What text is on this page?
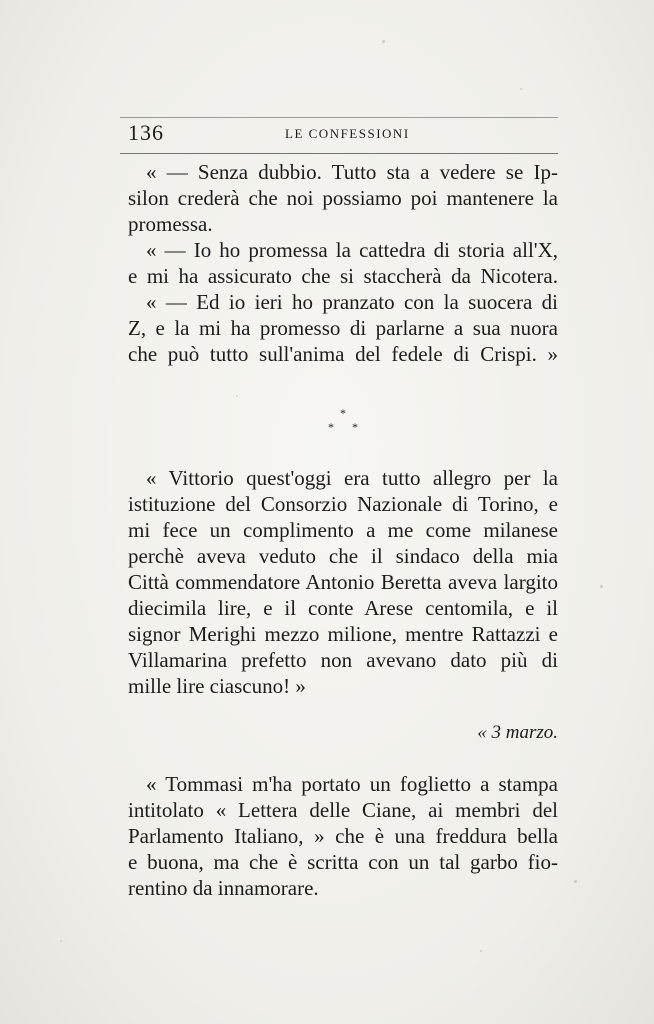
136	LE CONFESSIONI
« — Senza dubbio. Tutto sta a vedere se Ip-
silon crederà che noi possiamo poi mantenere la
promessa.
« — Io ho promessa la cattedra di storia all'X,
e mi ha assicurato che si staccherà da Nicotera.
« — Ed io ieri ho pranzato con la suocera di
Z, e la mi ha promesso di parlarne a sua nuora
che può tutto sull'anima del fedele di Crispi. »
*
* *
« Vittorio quest'oggi era tutto allegro per la
istituzione del Consorzio Nazionale di Torino, e
mi fece un complimento a me come milanese
perchè aveva veduto che il sindaco della mia
Città commendatore Antonio Beretta aveva largito
diecimila lire, e il conte Arese centomila, e il
signor Merighi mezzo milione, mentre Rattazzi e
Villamarina prefetto non avevano dato più di
mille lire ciascuno! »
« 3 marzo.
« Tommasi m'ha portato un foglietto a stampa
intitolato « Lettera delle Ciane, ai membri del
Parlamento Italiano, » che è una freddura bella
e buona, ma che è scritta con un tal garbo fio-
rentino da innamorare.
